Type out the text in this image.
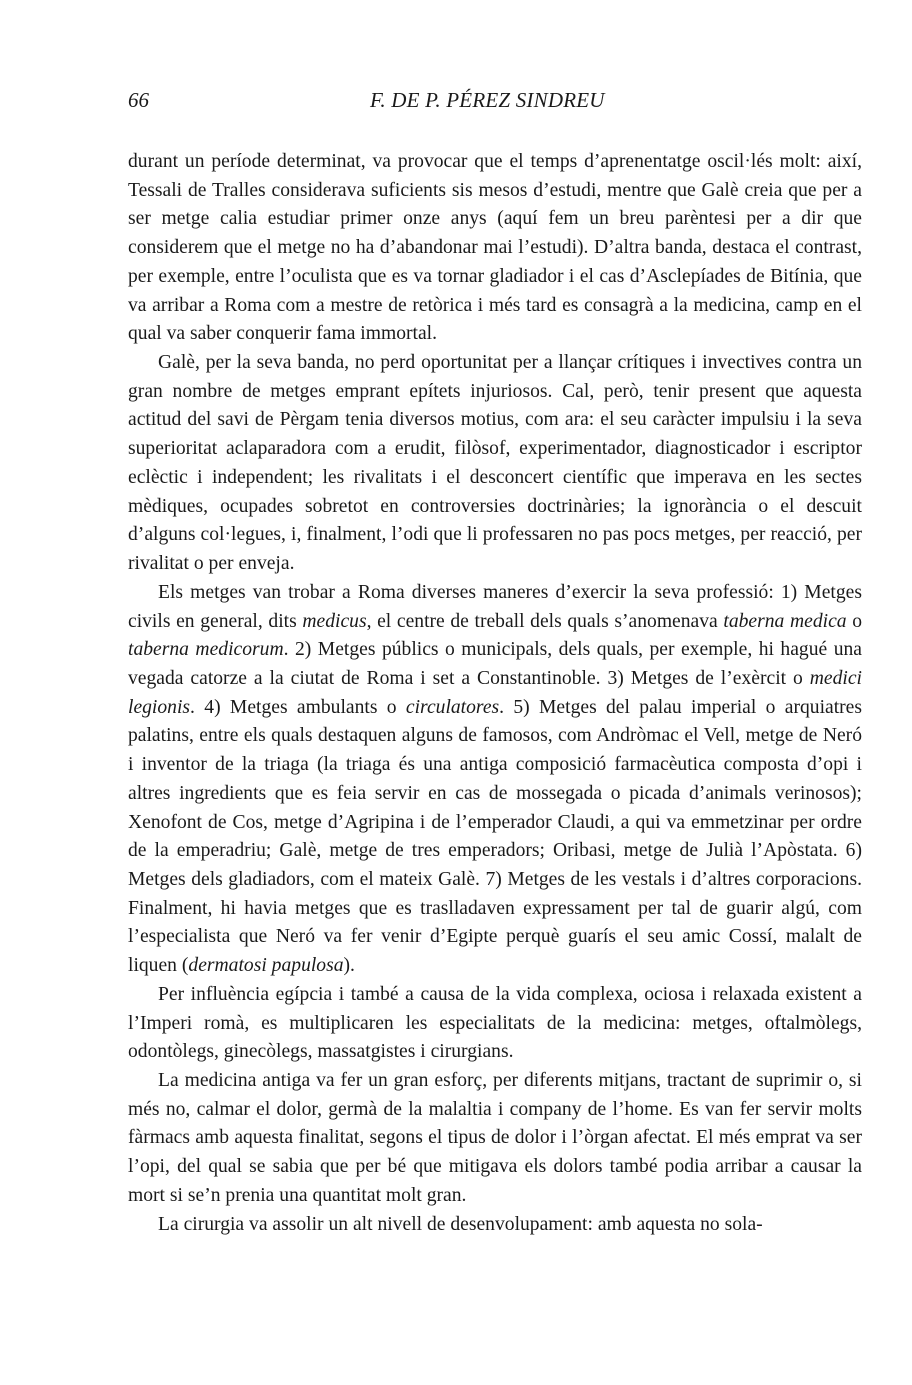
66	F. DE P. PÉREZ SINDREU

durant un període determinat, va provocar que el temps d’aprenentatge oscil·lés molt: així, Tessali de Tralles considerava suficients sis mesos d’estudi, mentre que Galè creia que per a ser metge calia estudiar primer onze anys (aquí fem un breu parèntesi per a dir que considerem que el metge no ha d’abandonar mai l’estudi). D’altra banda, destaca el contrast, per exemple, entre l’oculista que es va tornar gladiador i el cas d’Asclepíades de Bitínia, que va arribar a Roma com a mestre de retòrica i més tard es consagrà a la medicina, camp en el qual va saber conquerir fama immortal.

Galè, per la seva banda, no perd oportunitat per a llançar crítiques i invectives contra un gran nombre de metges emprant epítets injuriosos. Cal, però, tenir present que aquesta actitud del savi de Pèrgam tenia diversos motius, com ara: el seu caràcter impulsiu i la seva superioritat aclaparadora com a erudit, filòsof, experimentador, diagnosticador i escriptor eclèctic i independent; les rivalitats i el desconcert científic que imperava en les sectes mèdiques, ocupades sobretot en controversies doctrinàries; la ignorància o el descuit d’alguns col·legues, i, finalment, l’odi que li professaren no pas pocs metges, per reacció, per rivalitat o per enveja.

Els metges van trobar a Roma diverses maneres d’exercir la seva professió: 1) Metges civils en general, dits medicus, el centre de treball dels quals s’anomenava taberna medica o taberna medicorum. 2) Metges públics o municipals, dels quals, per exemple, hi hagué una vegada catorze a la ciutat de Roma i set a Constantinoble. 3) Metges de l’exèrcit o medici legionis. 4) Metges ambulants o circulatores. 5) Metges del palau imperial o arquiatres palatins, entre els quals destaquen alguns de famosos, com Andròmac el Vell, metge de Neró i inventor de la triaga (la triaga és una antiga composició farmacèutica composta d’opi i altres ingredients que es feia servir en cas de mossegada o picada d’animals verinosos); Xenofont de Cos, metge d’Agripina i de l’emperador Claudi, a qui va emmetzinar per ordre de la emperadriu; Galè, metge de tres emperadors; Oribasi, metge de Julià l’Apòstata. 6) Metges dels gladiadors, com el mateix Galè. 7) Metges de les vestals i d’altres corporacions. Finalment, hi havia metges que es traslladaven expressament per tal de guarir algú, com l’especialista que Neró va fer venir d’Egipte perquè guarís el seu amic Cossí, malalt de liquen (dermatosi papulosa).

Per influència egípcia i també a causa de la vida complexa, ociosa i relaxada existent a l’Imperi romà, es multiplicaren les especialitats de la medicina: metges, oftalmòlegs, odontòlegs, ginecòlegs, massatgistes i cirurgians.

La medicina antiga va fer un gran esforç, per diferents mitjans, tractant de suprimir o, si més no, calmar el dolor, germà de la malaltia i company de l’home. Es van fer servir molts fàrmacs amb aquesta finalitat, segons el tipus de dolor i l’òrgan afectat. El més emprat va ser l’opi, del qual se sabia que per bé que mitigava els dolors també podia arribar a causar la mort si se’n prenia una quantitat molt gran.

La cirurgia va assolir un alt nivell de desenvolupament: amb aquesta no sola-
